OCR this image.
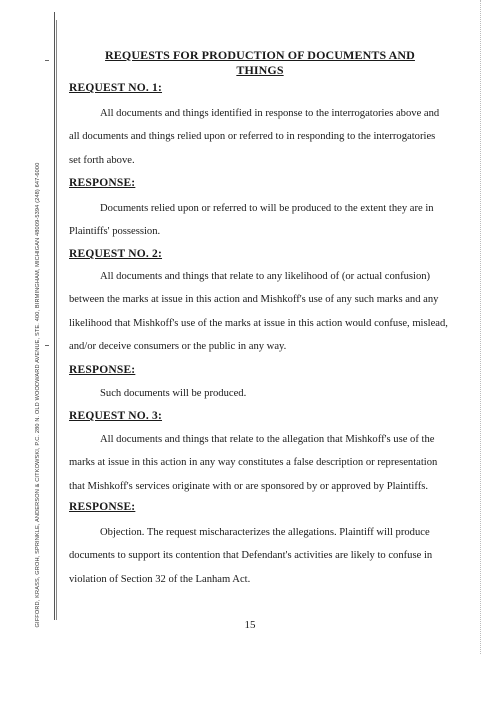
GIFFORD, KRASS, GROH, SPRINKLE, ANDERSON & CITKOWSKI, P.C. 280 N. OLD WOODWARD AVENUE, STE. 400, BIRMINGHAM, MICHIGAN 48009-5394 (248) 647-6000
REQUESTS FOR PRODUCTION OF DOCUMENTS AND THINGS
REQUEST NO. 1:

All documents and things identified in response to the interrogatories above and all documents and things relied upon or referred to in responding to the interrogatories set forth above.

RESPONSE:

Documents relied upon or referred to will be produced to the extent they are in Plaintiffs' possession.

REQUEST NO. 2:

All documents and things that relate to any likelihood of (or actual confusion) between the marks at issue in this action and Mishkoff's use of any such marks and any likelihood that Mishkoff's use of the marks at issue in this action would confuse, mislead, and/or deceive consumers or the public in any way.

RESPONSE:

Such documents will be produced.

REQUEST NO. 3:

All documents and things that relate to the allegation that Mishkoff's use of the marks at issue in this action in any way constitutes a false description or representation that Mishkoff's services originate with or are sponsored by or approved by Plaintiffs.

RESPONSE:

Objection. The request mischaracterizes the allegations. Plaintiff will produce documents to support its contention that Defendant's activities are likely to confuse in violation of Section 32 of the Lanham Act.

15
